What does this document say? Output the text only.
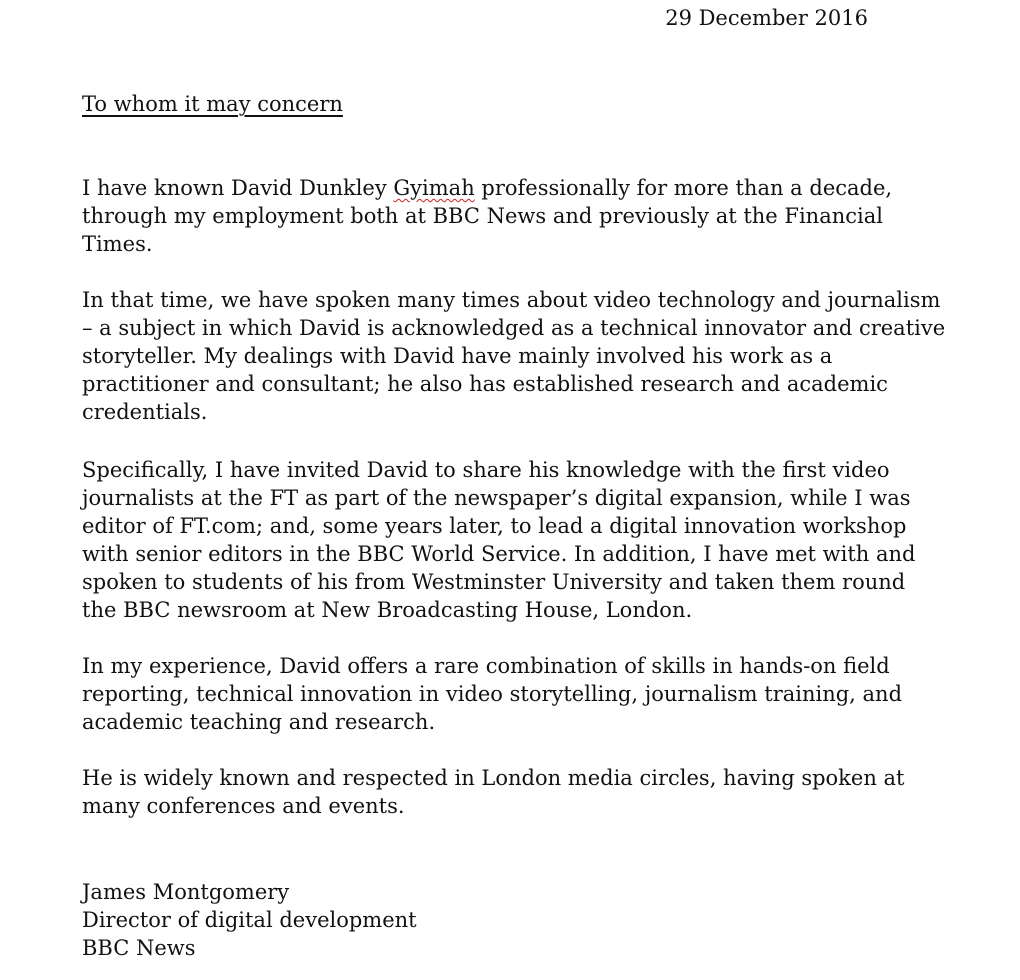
29 December 2016
To whom it may concern

I have known David Dunkley Gyimah professionally for more than a decade,
through my employment both at BBC News and previously at the Financial
Times.

In that time, we have spoken many times about video technology and journalism
– a subject in which David is acknowledged as a technical innovator and creative
storyteller. My dealings with David have mainly involved his work as a
practitioner and consultant; he also has established research and academic
credentials.

Specifically, I have invited David to share his knowledge with the first video
journalists at the FT as part of the newspaper’s digital expansion, while I was
editor of FT.com; and, some years later, to lead a digital innovation workshop
with senior editors in the BBC World Service. In addition, I have met with and
spoken to students of his from Westminster University and taken them round
the BBC newsroom at New Broadcasting House, London.

In my experience, David offers a rare combination of skills in hands-on field
reporting, technical innovation in video storytelling, journalism training, and
academic teaching and research.

He is widely known and respected in London media circles, having spoken at
many conferences and events.

James Montgomery
Director of digital development
BBC News
